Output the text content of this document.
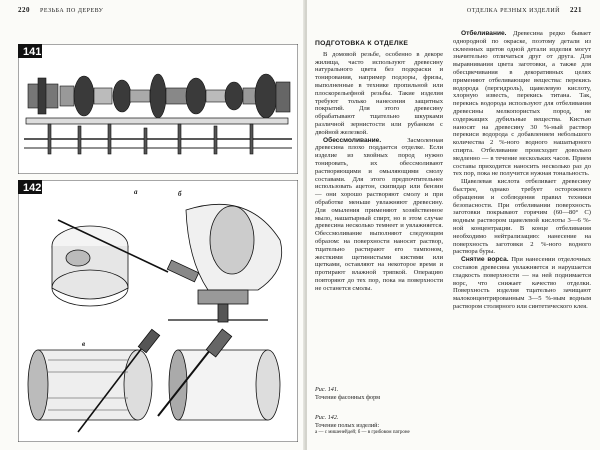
220 РЕЗЬБА ПО ДЕРЕВУ
141
142	а	б
в
ОТДЕЛКА РЕЗНЫХ ИЗДЕЛИЙ 221

ПОДГОТОВКА К ОТДЕЛКЕ

В домовой резьбе, особенно в декоре жилища, часто используют древесину натурального цвета без подкраски и тонирования, например подзоры, фризы, выполненные в технике пропильной или плоскорельефной резьбы. Такие изделия требуют только нанесения защитных покрытий. Для этого древесину обрабатывают тщательно шкурками различной зернистости или рубанком с двойной железкой.

Обессмоливание.	Засмоленная древесина плохо поддается отделке. Если изделие из хвойных пород нужно тонировать, их обессмоливают растворяющими и омыляющими смолу составами. Для этого предпочтительнее использовать ацетон, скипидар или бензин — они хорошо растворяют смолу и при обработке меньше увлажняют древесину. Для омыления применяют хозяйственное мыло, нашатырный спирт, но в этом случае древесина несколько темнеет и увлажняется. Обессмоливание выполняют следующим образом: на поверхности наносят раствор, тщательно растирают его тампоном, жесткими щетинистыми кистями или щетками, оставляют на некоторое время и протирают влажной тряпкой. Операцию повторяют до тех пор, пока на поверхности не останется смолы.

Рис. 141.
Точение фасонных форм
Рис. 142.
Точение полых изделий:
а — с мишенейдей; б — в грибовом патроне

Отбеливание. Древесина редко бывает однородной по окраске, поэтому детали из склеенных щитов одной детали изделия могут значительно отличаться друг от друга. Для выравнивания цвета заготовки, а также для обесцвечивания в декоративных целях применяют отбеливающие вещества: перекись водорода (пергидроль), щавелевую кислоту, хлорную известь, перекись титана. Так, перекись водорода используют для отбеливания древесины мелкопористых пород, не содержащих дубильные вещества. Кистью наносят на древесину 30 %-ный раствор перекиси водорода с добавлением небольшого количества 2 %-ного водного нашатырного спирта. Отбеливание происходит довольно медленно — в течение нескольких часов. Прием составы приходится наносить несколько раз до тех пор, пока не получится нужная тональность.

Щавелевая кислота отбеливает древесину быстрее, однако требует осторожного обращения и соблюдения правил техники безопасности. При отбеливании поверхность заготовки покрывают горячим (60—80° С) водным раствором щавелевой кислоты 3—6 %-ной концентрации. В конце отбеливания необходимо нейтрализацию: нанесение на поверхность заготовки 2 %-ного водного раствора буры.

Снятие ворса. При нанесении отделочных составов древесина увлажняется и нарушается гладкость поверхности — на ней поднимается ворс, что снижает качество отделки. Поверхность изделия тщательно зачищают малоконцентрированным 3—5 %-ным водным раствором столярного или синтетического клея.
